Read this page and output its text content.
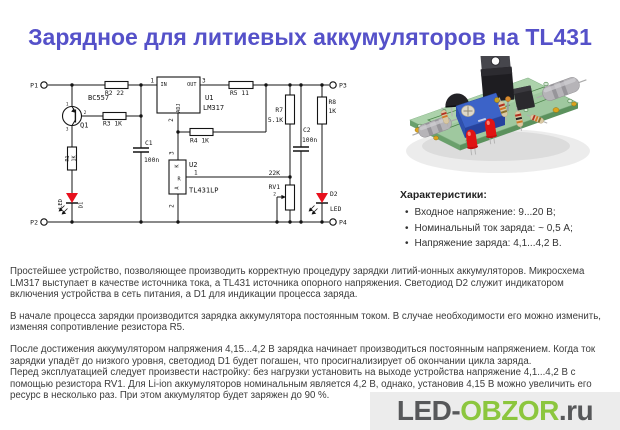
Зарядное для литиевых аккумуляторов на TL431
P1
P2
P3
P4
BC557
Q1
1
2
3
R2 22
R3 1K
R5 11
R4 1K
R1 1K
1	3
IN	OUT
ADJ
2
U1
LM317
C1
100n
U2
TL431LP
K
R
A
3
1
2
R7
5.1K
22K
RV1
2
C2
100n
R8
1K
D2
LED
LED	D1
Характеристики:
• Входное напряжение: 9...20 В;
• Номинальный ток заряда: ~ 0,5 А;
• Напряжение заряда: 4,1...4,2 В.

Простейшее устройство, позволяющее производить корректную процедуру зарядки литий-ионных аккумуляторов. Микросхема LM317 выступает в качестве источника тока, а TL431 источника опорного напряжения. Светодиод D2 служит индикатором включения устройства в сеть питания, а D1 для индикации процесса заряда.

В начале процесса зарядки производится зарядка аккумулятора постоянным током. В случае необходимости его можно изменить, изменяя сопротивление резистора R5.

После достижения аккумулятором напряжения 4,15...4,2 В зарядка начинает производиться постоянным напряжением. Когда ток зарядки упадёт до низкого уровня, светодиод D1 будет погашен, что просигнализирует об окончании цикла заряда.

Перед эксплуатацией следует произвести настройку: без нагрузки установить на выходе устройства напряжение 4,1...4,2 В с помощью резистора RV1. Для Li-ion аккумуляторов номинальным является 4,2 В, однако, установив 4,15 В можно увеличить его ресурс в несколько раз. При этом аккумулятор будет заряжен до 90 %.	LED- OBZOR .ru
